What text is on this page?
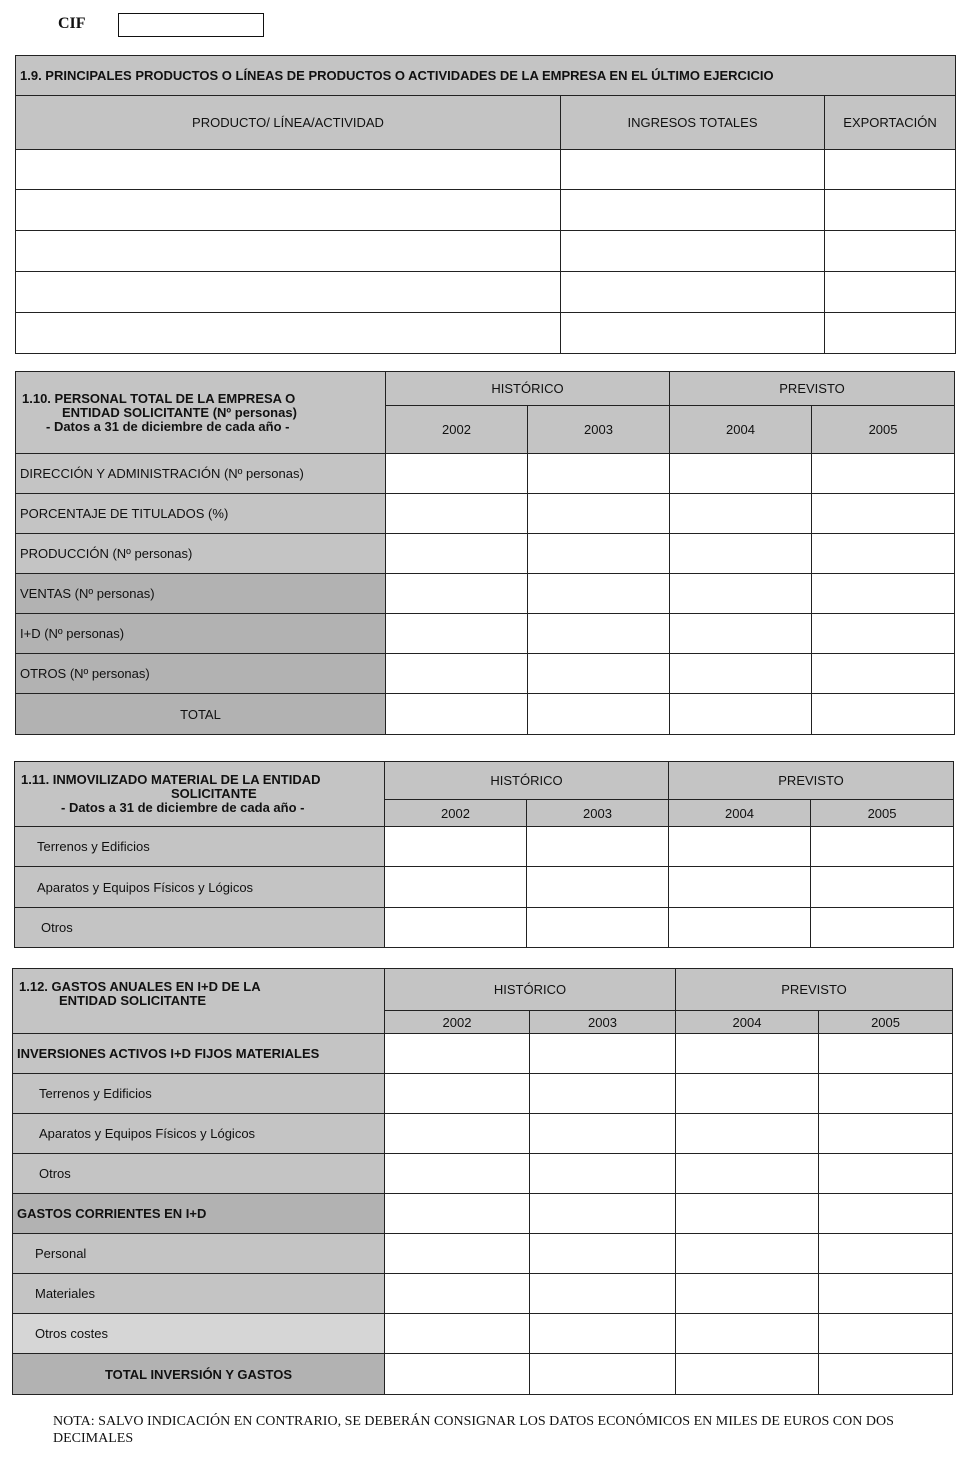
CIF
1.9. PRINCIPALES PRODUCTOS O LÍNEAS DE PRODUCTOS O ACTIVIDADES DE LA EMPRESA EN EL ÚLTIMO EJERCICIO		
PRODUCTO/ LÍNEA/ACTIVIDAD	INGRESOS TOTALES	EXPORTACIÓN

1.10. PERSONAL TOTAL DE LA EMPRESA O
ENTIDAD SOLICITANTE (Nº personas)
- Datos a 31 de diciembre de cada año -	HISTÓRICO		PREVISTO	
	2002	2003	2004	2005
DIRECCIÓN Y ADMINISTRACIÓN (Nº personas)				
PORCENTAJE DE TITULADOS (%)				
PRODUCCIÓN (Nº personas)				
VENTAS (Nº personas)				
I+D (Nº personas)				
OTROS (Nº personas)				
TOTAL				
1.11. INMOVILIZADO MATERIAL DE LA ENTIDAD
SOLICITANTE
- Datos a 31 de diciembre de cada año -	HISTÓRICO		PREVISTO	
	2002	2003	2004	2005
Terrenos y Edificios				
Aparatos y Equipos Físicos y Lógicos				
Otros				
1.12. GASTOS ANUALES EN I+D DE LA
ENTIDAD SOLICITANTE	HISTÓRICO		PREVISTO	
	2002	2003	2004	2005
INVERSIONES ACTIVOS I+D FIJOS MATERIALES				
Terrenos y Edificios				
Aparatos y Equipos Físicos y Lógicos				
Otros				
GASTOS CORRIENTES EN I+D				
Personal				
Materiales				
Otros costes				
TOTAL INVERSIÓN Y GASTOS				
NOTA: SALVO INDICACIÓN EN CONTRARIO, SE DEBERÁN CONSIGNAR LOS DATOS ECONÓMICOS EN MILES DE EUROS CON DOS DECIMALES
